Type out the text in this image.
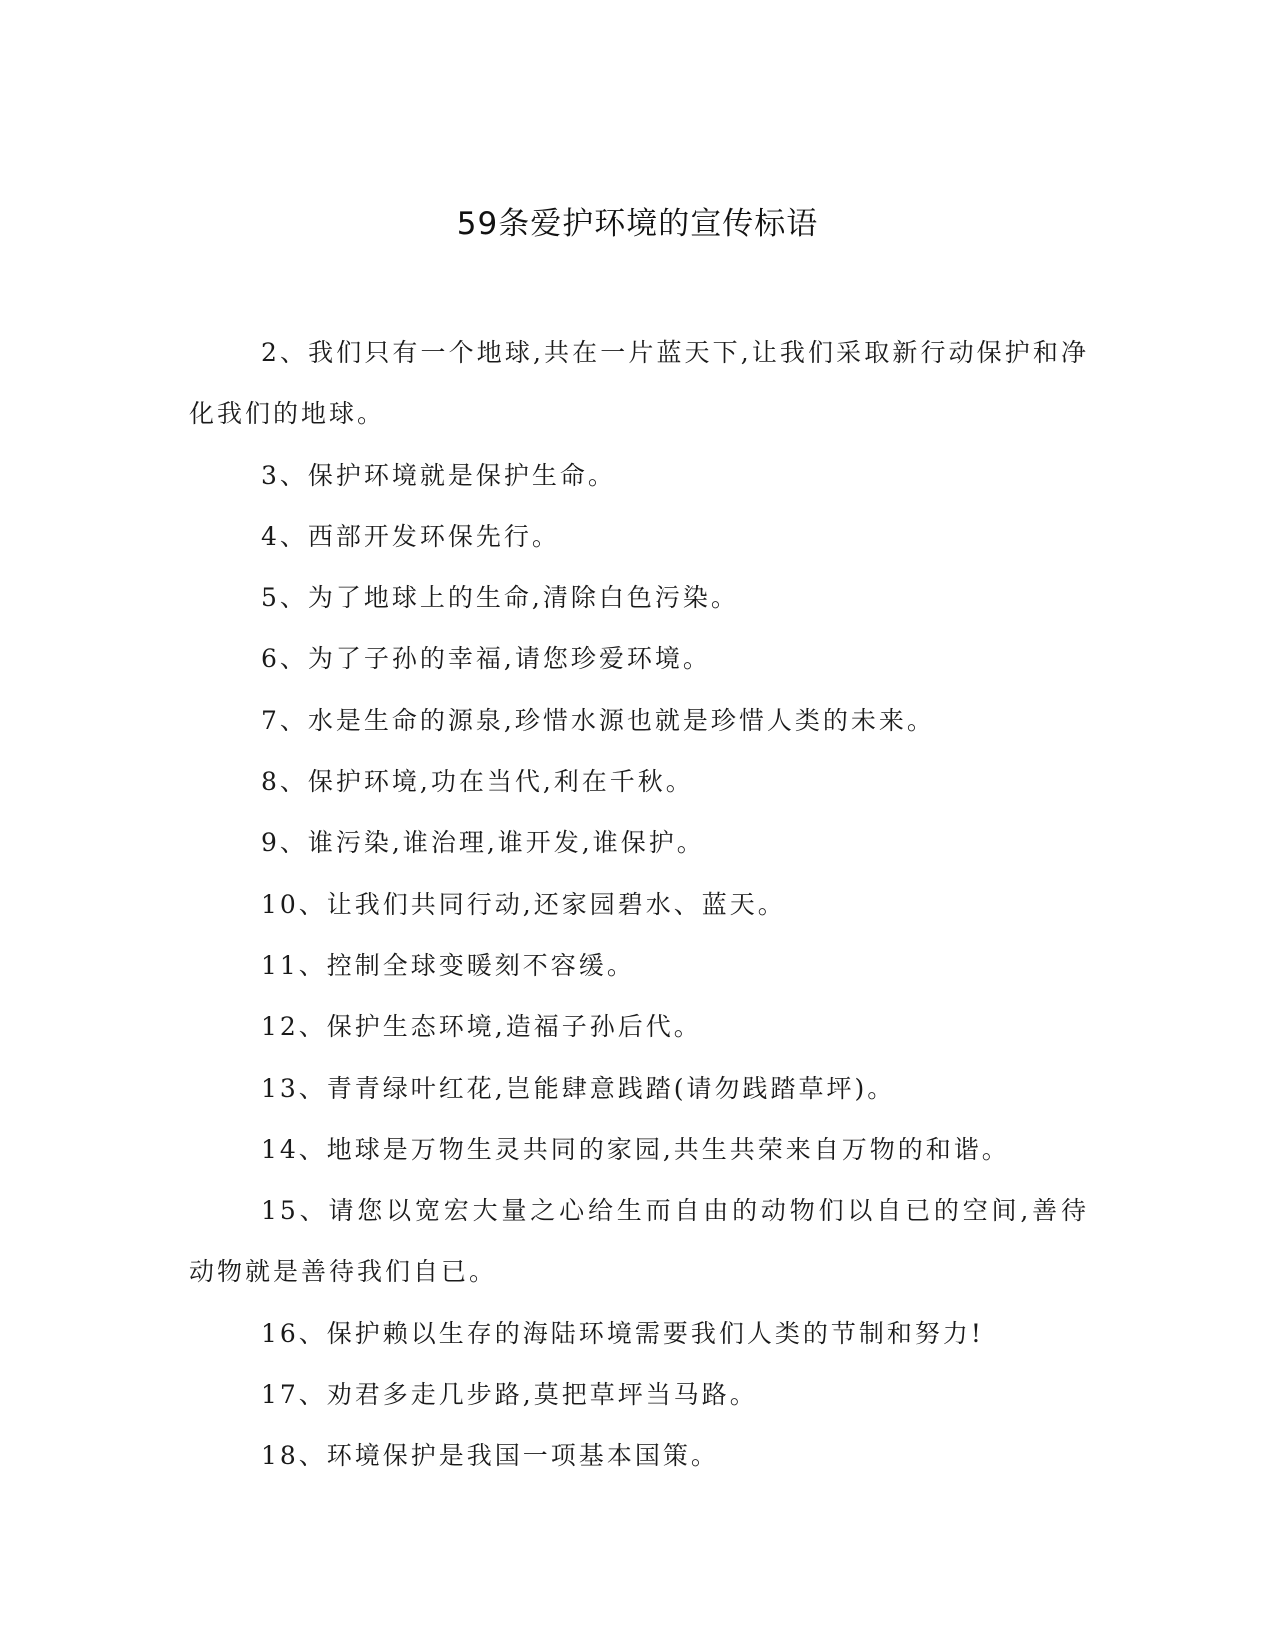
59条爱护环境的宣传标语

2、我们只有一个地球,共在一片蓝天下,让我们采取新行动保护和净化我们的地球。

3、保护环境就是保护生命。

4、西部开发环保先行。

5、为了地球上的生命,清除白色污染。

6、为了子孙的幸福,请您珍爱环境。

7、水是生命的源泉,珍惜水源也就是珍惜人类的未来。

8、保护环境,功在当代,利在千秋。

9、谁污染,谁治理,谁开发,谁保护。

10、让我们共同行动,还家园碧水、蓝天。

11、控制全球变暖刻不容缓。

12、保护生态环境,造福子孙后代。

13、青青绿叶红花,岂能肆意践踏(请勿践踏草坪)。

14、地球是万物生灵共同的家园,共生共荣来自万物的和谐。

15、请您以宽宏大量之心给生而自由的动物们以自已的空间,善待动物就是善待我们自已。

16、保护赖以生存的海陆环境需要我们人类的节制和努力!

17、劝君多走几步路,莫把草坪当马路。

18、环境保护是我国一项基本国策。
